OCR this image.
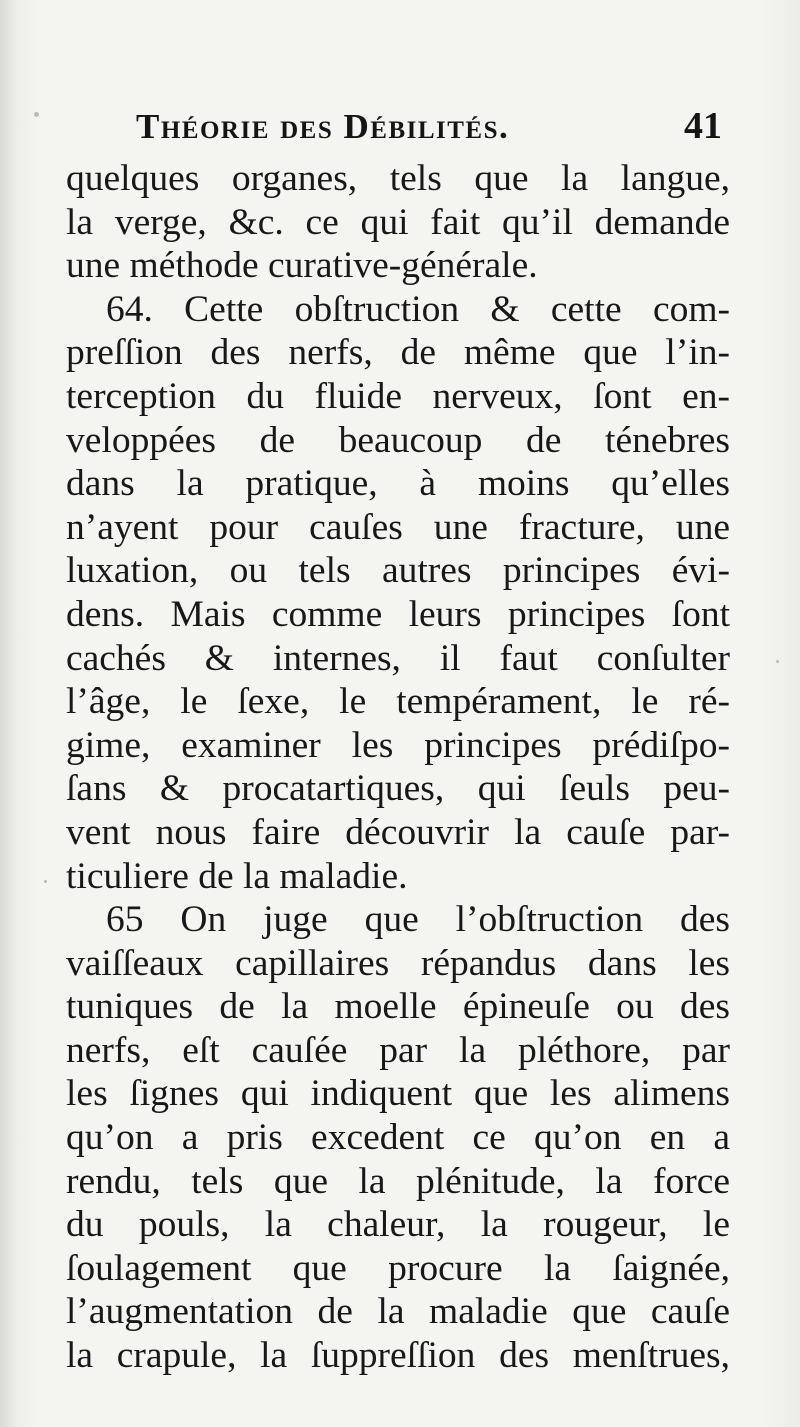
Théorie des Débilités.	41
quelques organes, tels que la langue,
la verge, &c. ce qui fait qu’il demande
une méthode curative-générale.
64. Cette obſtruction & cette com-
preſſion des nerfs, de même que l’in-
terception du fluide nerveux, ſont en-
veloppées de beaucoup de ténebres
dans la pratique, à moins qu’elles
n’ayent pour cauſes une fracture, une
luxation, ou tels autres principes évi-
dens. Mais comme leurs principes ſont
cachés & internes, il faut conſulter
l’âge, le ſexe, le tempérament, le ré-
gime, examiner les principes prédiſpo-
ſans & procatartiques, qui ſeuls peu-
vent nous faire découvrir la cauſe par-
ticuliere de la maladie.
65 On juge que l’obſtruction des
vaiſſeaux capillaires répandus dans les
tuniques de la moelle épineuſe ou des
nerfs, eſt cauſée par la pléthore, par
les ſignes qui indiquent que les alimens
qu’on a pris excedent ce qu’on en a
rendu, tels que la plénitude, la force
du pouls, la chaleur, la rougeur, le
ſoulagement que procure la ſaignée,
l’augmentation de la maladie que cauſe
la crapule, la ſuppreſſion des menſtrues,
